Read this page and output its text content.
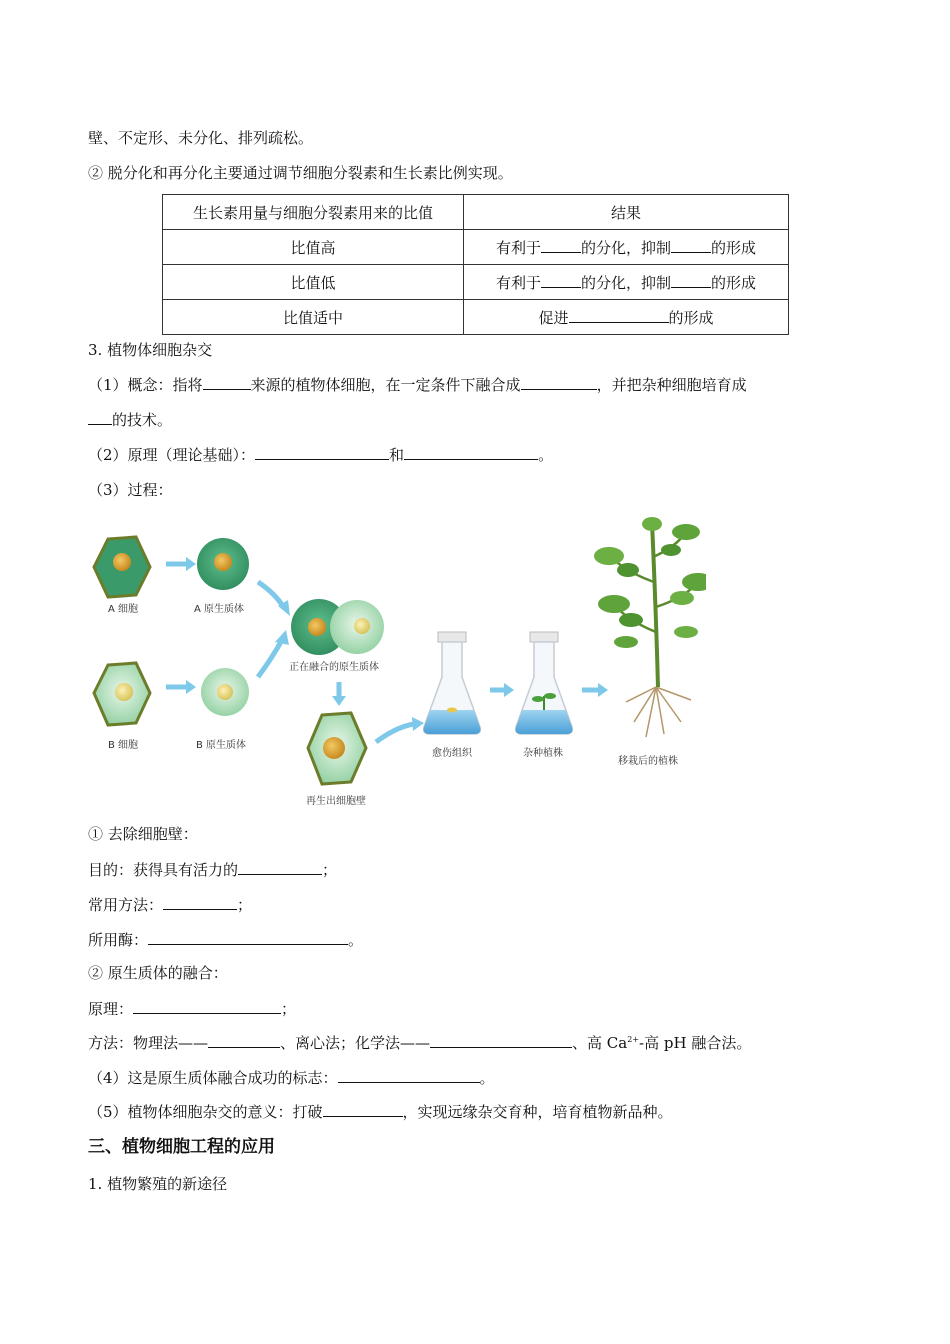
壁、不定形、未分化、排列疏松。
② 脱分化和再分化主要通过调节细胞分裂素和生长素比例实现。
生长素用量与细胞分裂素用来的比值	结果
比值高	有利于 的分化，抑制 的形成
比值低	有利于 的分化，抑制 的形成
比值适中	促进 的形成
3. 植物体细胞杂交
（1）概念：指将	来源的植物体细胞，在一定条件下融合成	，并把杂种细胞培育成
的技术。
（2）原理（理论基础）：	和	。
（3）过程：
A 细胞	A 原生质体
正在融合的原生质体
B 细胞	B 原生质体
再生出细胞壁
愈伤组织	杂种植株
移栽后的植株
① 去除细胞壁：
目的：获得具有活力的	；
常用方法：	；
所用酶：	。
② 原生质体的融合：
原理：	；
方法：物理法——	、离心法；化学法——	、高 $Ca^{2+}-$高 pH 融合法。
（4）这是原生质体融合成功的标志：	。
（5）植物体细胞杂交的意义：打破	，实现远缘杂交育种，培育植物新品种。
三、植物细胞工程的应用
1. 植物繁殖的新途径
